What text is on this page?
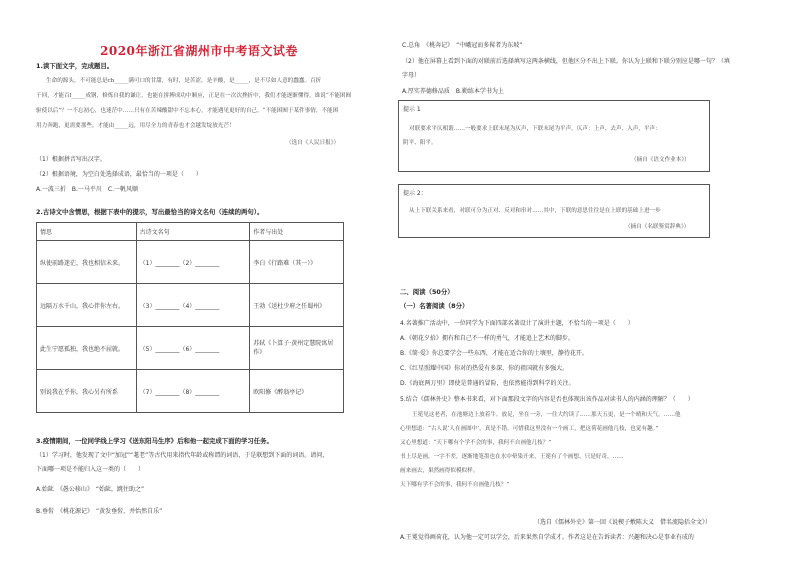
2020年浙江省湖州市中考语文试卷
1.读下面文字，完成题目。
生命的源头，不可能总是ch_____满可口的甘甜，有时，是苦涩，是辛酸，是_____，是不尽如人意的蠢蠢。百折
千回，才能百l_____成钢，修炼自我的谦让，也能在拼搏成功中顺应，正是在一次次挫折中，我们才能逐渐懂得，谁说“不能困囿
驱使以后”？一不忘初心，也迷茫中……只有在苦辣酸甜中不忘本心，才能遇见更好的自己。“不能困囿于某件事情，不能困
用力奔跑，更需要那些，才能由_____远，用尽全力的青春也才会越发绽放光芒！
（选自《人民日报》）
（1）根据拼音写出汉字。
（2）根据语境，为空白处选择成语，最恰当的一项是（　　）
A.一波三折　B.一马平川　C.一帆风顺
2.古诗文中含情思，根据下表中的提示，写出最恰当的诗文名句（连续的两句）。
情思	古诗文名句	作者与出处
纵使前路迷茫，我也相信未来。	（1）________（2）________	李白《行路难（其一）》
远隔万水千山，我心伴你左右。	（3）________（4）________	王勃《送杜少府之任蜀州》
此生宁愿孤独，我也绝不屈就。	（5）________（6）________	苏轼《卜算子·黄州定慧院寓居作》
别说我在乎你，我心另有所系	（7）________（8）________	欧阳修《醉翁亭记》
3.疫情期间，一位同学线上学习《送东阳马生序》后和他一起完成下面的学习任务。
（1）学习时，他发现了文中“加冠”“耄老”等古代用来指代年龄或称谓的词语，于是联想到下面的词语。请问，
下面哪一项是不能归入这一类的（　　）
A.始龀　《愚公移山》　“始龀，跳往助之”
B.垂髫　《桃花源记》　“黄发垂髫，并怡然自乐”
C.总角　《桃奔记》　“中峨冠而多髯者为东坡”
（2）他在屏幕上看到下面的对联前后选择填写这两条横线，但他区分不出上下联。你认为上联和下联分别应是哪一句？（填
字母）
A.厚实养德修品质　B.勤练本学书为上
提示 1
对联要求平仄相谐……一般要求上联末尾为仄声，下联末尾为平声。仄声：上声、去声、入声，平声：
阴平、阳平。
（摘自《语文作业本》）
提示 2：
从上下联关系来看，对联可分为正对、反对和串对……其中，下联的意思往往是在上联的基础上进一步
（摘自《名联鉴赏辞典》）
二、阅读（50分）
（一）名著阅读（8分）
4.名著推广活动中，一位同学为下面四部名著设计了演讲主题，不恰当的一项是（　　）
A.《朝花夕拾》拥有和自己不一样的勇气，才能追上艺术的脚步。
B.《简·爱》你总要学会一些东西，才能在适合你的土壤里，静待花开。
C.《红星照耀中国》你对的热爱有多深，你的祖国就有多强大。
D.《海底两万里》即使是普通的冒险，也依然能得到科学的关注。
5.结合《儒林外史》整本书来看，对下面那段文字的内容是否也体现出该作品对读书人的内涵的理解？（　　）
王冕见这老者，在池塘边上放着牛。放足，坐在一旁，一住大约读了……那天五更，是一个晴和天气。……他
心里想道：“古人说‘人在画图中’，真是不错，可惜我这里没有一个画工，把这荷花画他几枝，也觉有趣。”
又心里想道：“天下哪有个学不会的事，我何不自画他几枝？”
书上尽是画，一字不差，逐渐地笔墨也在水中晕染开来，王冕有了个画想。只是好奇，……
画来画去，果然画得似模似样。
天下哪有学不会的事，我何不自画他几枝？”
（选自《儒林外史》第一回《说楔子敷陈大义　借名流隐括全文》）
A.王冕觉得画荷花，认为他一定可以学会，后来果然自学成才。作者这是在告诉读者：兴趣和决心是事业有成的
